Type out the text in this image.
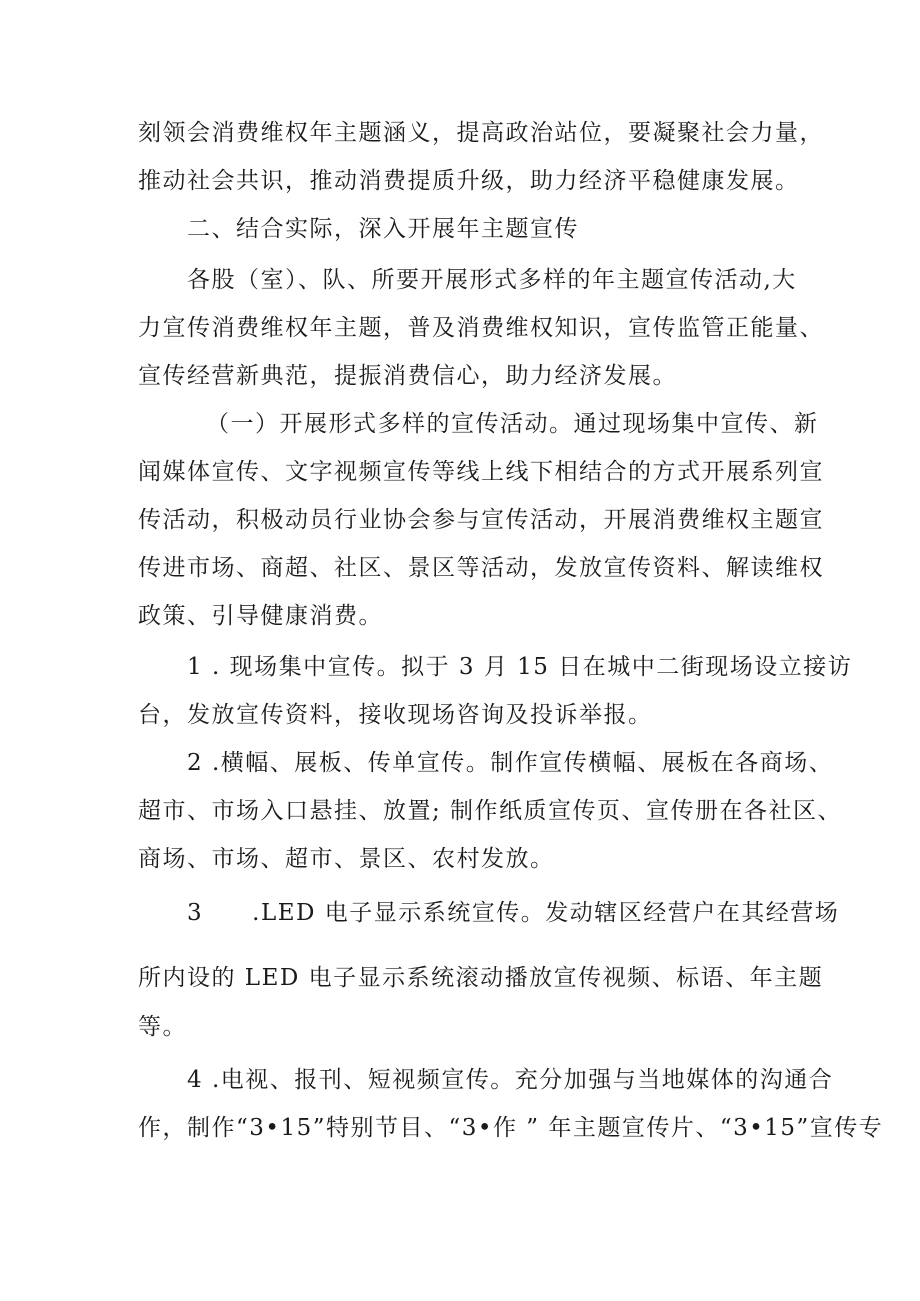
刻领会消费维权年主题涵义，提高政治站位，要凝聚社会力量，
推动社会共识，推动消费提质升级，助力经济平稳健康发展。
二、结合实际，深入开展年主题宣传
各股（室）、队、所要开展形式多样的年主题宣传活动,大
力宣传消费维权年主题，普及消费维权知识，宣传监管正能量、
宣传经营新典范，提振消费信心，助力经济发展。
（一）开展形式多样的宣传活动。通过现场集中宣传、新
闻媒体宣传、文字视频宣传等线上线下相结合的方式开展系列宣
传活动，积极动员行业协会参与宣传活动，开展消费维权主题宣
传进市场、商超、社区、景区等活动，发放宣传资料、解读维权
政策、引导健康消费。
1 . 现场集中宣传。拟于 3 月 15 日在城中二街现场设立接访
台，发放宣传资料，接收现场咨询及投诉举报。
2 .横幅、展板、传单宣传。制作宣传横幅、展板在各商场、
超市、市场入口悬挂、放置; 制作纸质宣传页、宣传册在各社区、
商场、市场、超市、景区、农村发放。
3　　.LED 电子显示系统宣传。发动辖区经营户在其经营场
所内设的 LED 电子显示系统滚动播放宣传视频、标语、年主题
等。
4 .电视、报刊、短视频宣传。充分加强与当地媒体的沟通合
作，制作“3•15”特别节目、“3•作 ” 年主题宣传片、“3•15”宣传专
